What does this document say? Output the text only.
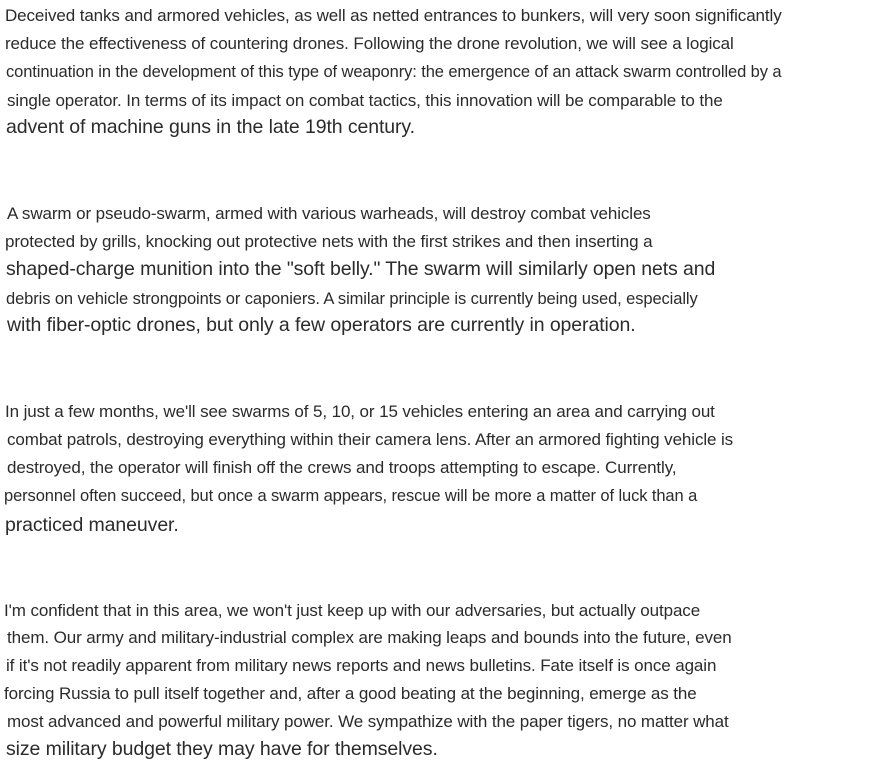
Deceived tanks and armored vehicles, as well as netted entrances to bunkers, will very soon significantly
reduce the effectiveness of countering drones. Following the drone revolution, we will see a logical
continuation in the development of this type of weaponry: the emergence of an attack swarm controlled by a
single operator. In terms of its impact on combat tactics, this innovation will be comparable to the
advent of machine guns in the late 19th century.
A swarm or pseudo-swarm, armed with various warheads, will destroy combat vehicles
protected by grills, knocking out protective nets with the first strikes and then inserting a
shaped-charge munition into the "soft belly." The swarm will similarly open nets and
debris on vehicle strongpoints or caponiers. A similar principle is currently being used, especially
with fiber-optic drones, but only a few operators are currently in operation.
In just a few months, we'll see swarms of 5, 10, or 15 vehicles entering an area and carrying out
combat patrols, destroying everything within their camera lens. After an armored fighting vehicle is
destroyed, the operator will finish off the crews and troops attempting to escape. Currently,
personnel often succeed, but once a swarm appears, rescue will be more a matter of luck than a
practiced maneuver.
I'm confident that in this area, we won't just keep up with our adversaries, but actually outpace
them. Our army and military-industrial complex are making leaps and bounds into the future, even
if it's not readily apparent from military news reports and news bulletins. Fate itself is once again
forcing Russia to pull itself together and, after a good beating at the beginning, emerge as the
most advanced and powerful military power. We sympathize with the paper tigers, no matter what
size military budget they may have for themselves.
